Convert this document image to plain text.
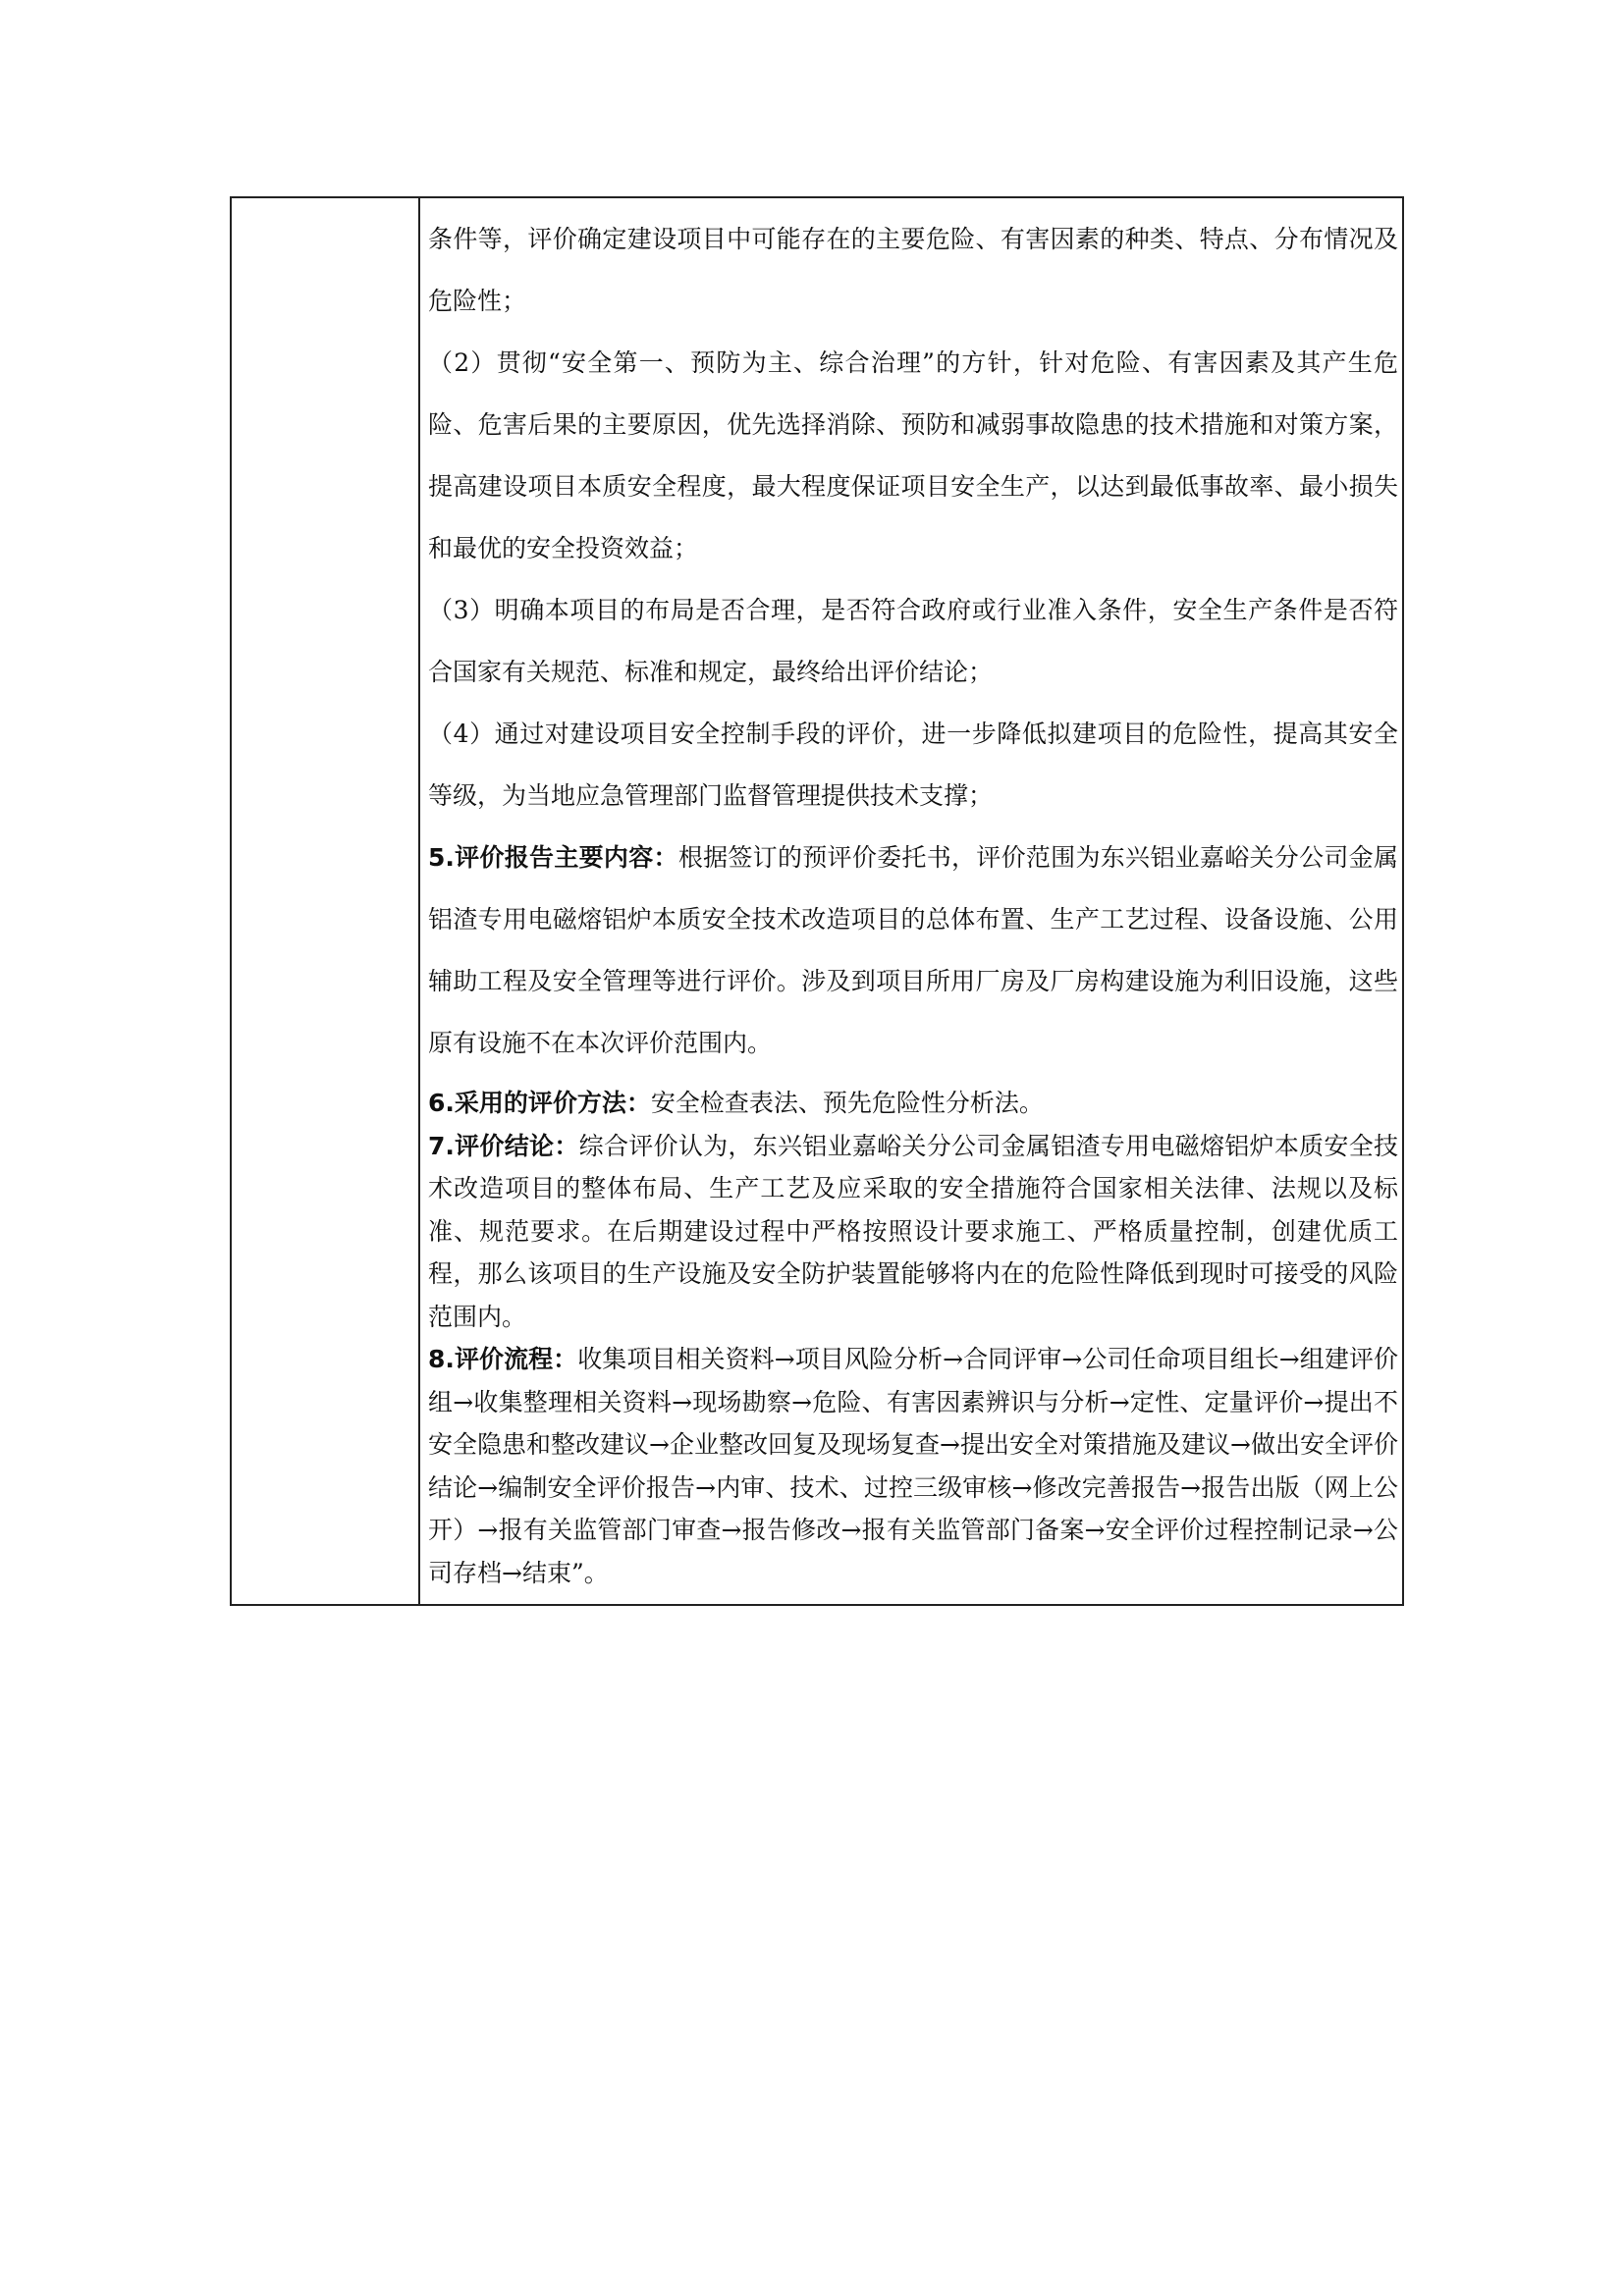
条件等，评价确定建设项目中可能存在的主要危险、有害因素的种类、特点、分布情况及危险性；

（2）贯彻“安全第一、预防为主、综合治理”的方针，针对危险、有害因素及其产生危险、危害后果的主要原因，优先选择消除、预防和减弱事故隐患的技术措施和对策方案，提高建设项目本质安全程度，最大程度保证项目安全生产，以达到最低事故率、最小损失和最优的安全投资效益；

（3）明确本项目的布局是否合理，是否符合政府或行业准入条件，安全生产条件是否符合国家有关规范、标准和规定，最终给出评价结论；

（4）通过对建设项目安全控制手段的评价，进一步降低拟建项目的危险性，提高其安全等级，为当地应急管理部门监督管理提供技术支撑；

5.评价报告主要内容：根据签订的预评价委托书，评价范围为东兴铝业嘉峪关分公司金属铝渣专用电磁熔铝炉本质安全技术改造项目的总体布置、生产工艺过程、设备设施、公用辅助工程及安全管理等进行评价。涉及到项目所用厂房及厂房构建设施为利旧设施，这些原有设施不在本次评价范围内。

6.采用的评价方法：安全检查表法、预先危险性分析法。

7.评价结论：综合评价认为，东兴铝业嘉峪关分公司金属铝渣专用电磁熔铝炉本质安全技术改造项目的整体布局、生产工艺及应采取的安全措施符合国家相关法律、法规以及标准、规范要求。在后期建设过程中严格按照设计要求施工、严格质量控制，创建优质工程，那么该项目的生产设施及安全防护装置能够将内在的危险性降低到现时可接受的风险范围内。

8.评价流程：收集项目相关资料→项目风险分析→合同评审→公司任命项目组长→组建评价组→收集整理相关资料→现场勘察→危险、有害因素辨识与分析→定性、定量评价→提出不安全隐患和整改建议→企业整改回复及现场复查→提出安全对策措施及建议→做出安全评价结论→编制安全评价报告→内审、技术、过控三级审核→修改完善报告→报告出版（网上公开）→报有关监管部门审查→报告修改→报有关监管部门备案→安全评价过程控制记录→公司存档→结束”。
